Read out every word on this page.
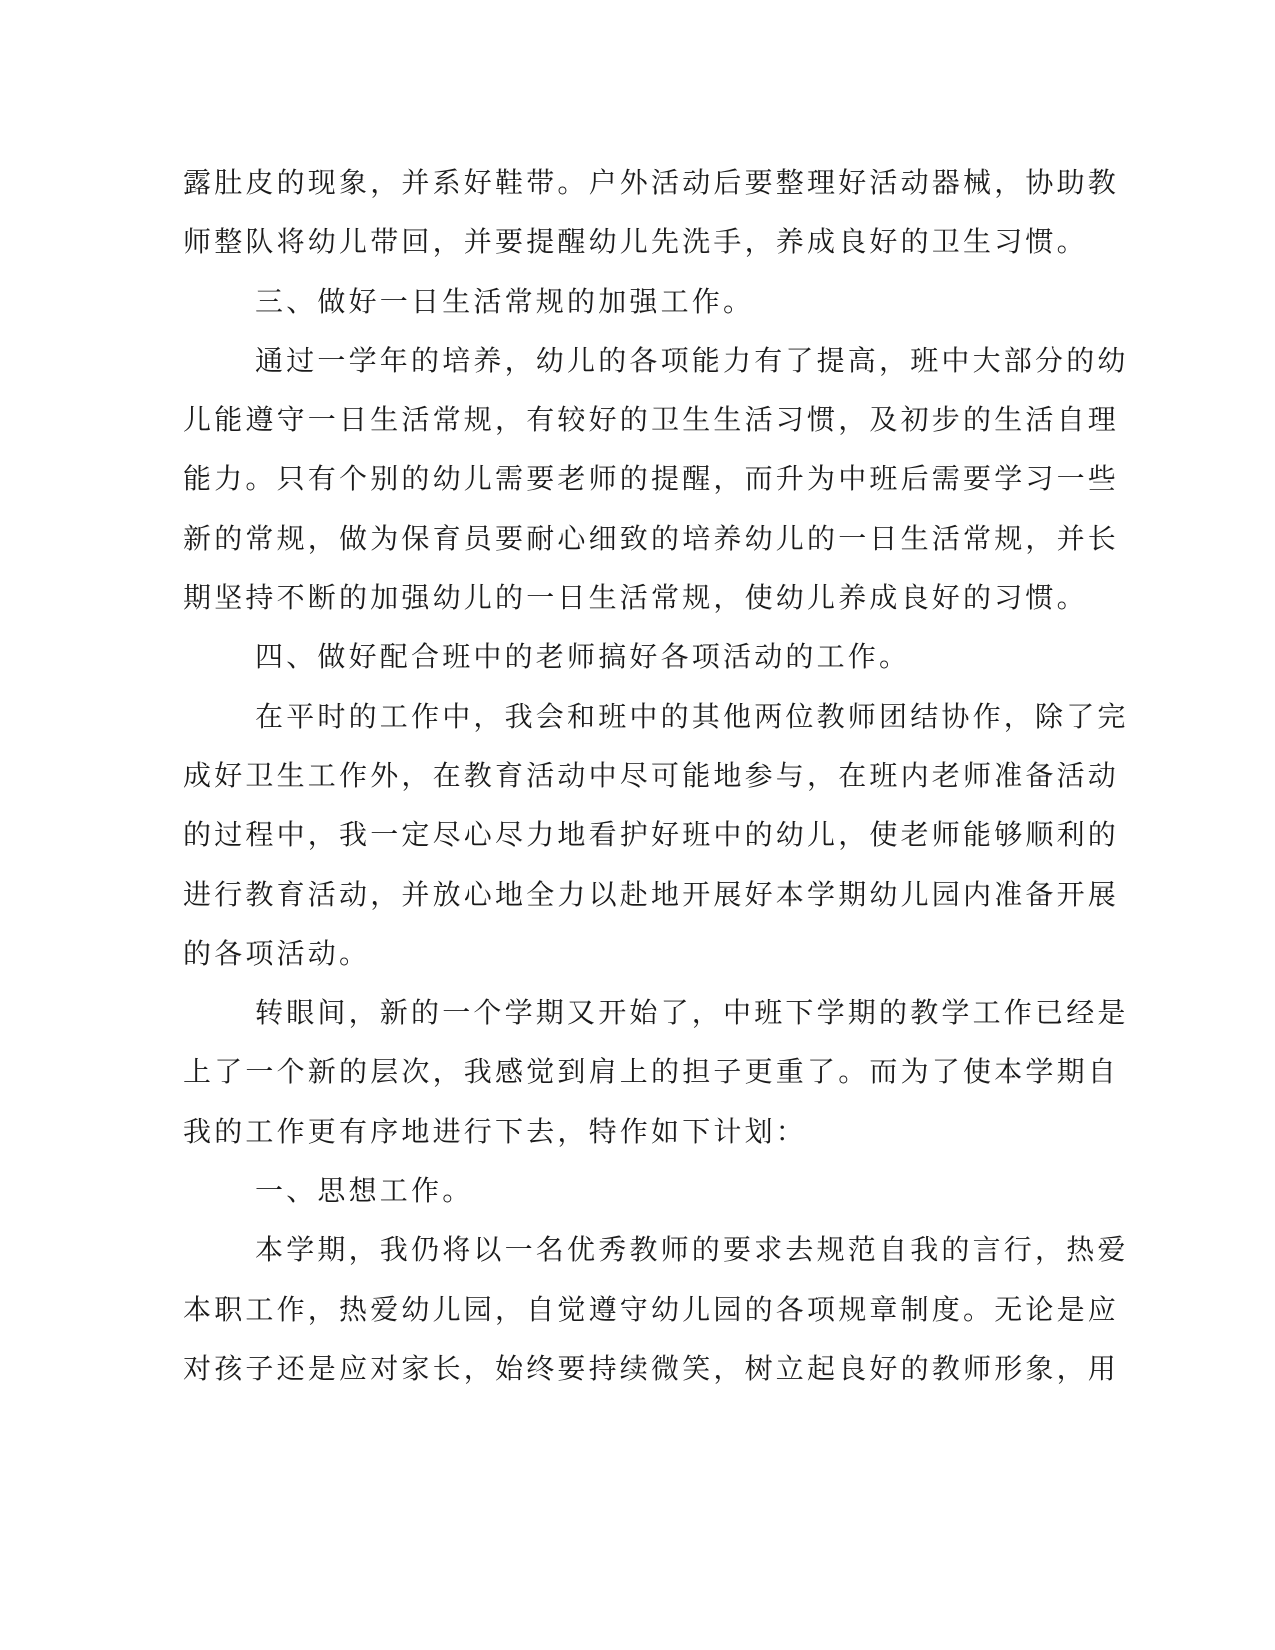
露肚皮的现象，并系好鞋带。户外活动后要整理好活动器械，协助教
师整队将幼儿带回，并要提醒幼儿先洗手，养成良好的卫生习惯。
三、做好一日生活常规的加强工作。
通过一学年的培养，幼儿的各项能力有了提高，班中大部分的幼
儿能遵守一日生活常规，有较好的卫生生活习惯，及初步的生活自理
能力。只有个别的幼儿需要老师的提醒，而升为中班后需要学习一些
新的常规，做为保育员要耐心细致的培养幼儿的一日生活常规，并长
期坚持不断的加强幼儿的一日生活常规，使幼儿养成良好的习惯。
四、做好配合班中的老师搞好各项活动的工作。
在平时的工作中，我会和班中的其他两位教师团结协作，除了完
成好卫生工作外，在教育活动中尽可能地参与，在班内老师准备活动
的过程中，我一定尽心尽力地看护好班中的幼儿，使老师能够顺利的
进行教育活动，并放心地全力以赴地开展好本学期幼儿园内准备开展
的各项活动。
转眼间，新的一个学期又开始了，中班下学期的教学工作已经是
上了一个新的层次，我感觉到肩上的担子更重了。而为了使本学期自
我的工作更有序地进行下去，特作如下计划：
一、思想工作。
本学期，我仍将以一名优秀教师的要求去规范自我的言行，热爱
本职工作，热爱幼儿园，自觉遵守幼儿园的各项规章制度。无论是应
对孩子还是应对家长，始终要持续微笑，树立起良好的教师形象，用
